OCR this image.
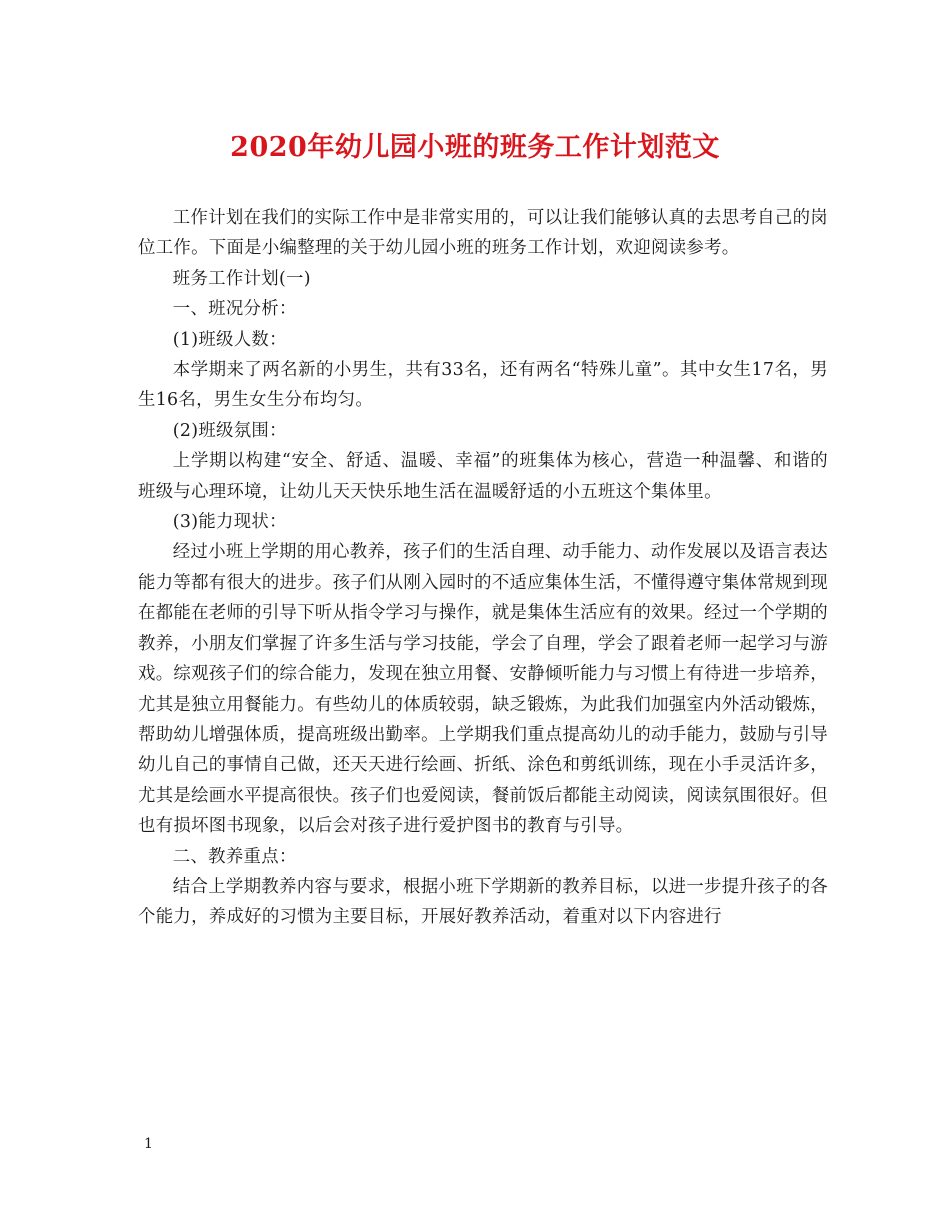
2020年幼儿园小班的班务工作计划范文

工作计划在我们的实际工作中是非常实用的，可以让我们能够认真的去思考自己的岗位工作。下面是小编整理的关于幼儿园小班的班务工作计划，欢迎阅读参考。

班务工作计划(一)

一、班况分析：

(1)班级人数：

本学期来了两名新的小男生，共有33名，还有两名“特殊儿童”。其中女生17名，男生16名，男生女生分布均匀。

(2)班级氛围：

上学期以构建“安全、舒适、温暖、幸福”的班集体为核心，营造一种温馨、和谐的班级与心理环境，让幼儿天天快乐地生活在温暖舒适的小五班这个集体里。

(3)能力现状：

经过小班上学期的用心教养，孩子们的生活自理、动手能力、动作发展以及语言表达能力等都有很大的进步。孩子们从刚入园时的不适应集体生活，不懂得遵守集体常规到现在都能在老师的引导下听从指令学习与操作，就是集体生活应有的效果。经过一个学期的教养，小朋友们掌握了许多生活与学习技能，学会了自理，学会了跟着老师一起学习与游戏。综观孩子们的综合能力，发现在独立用餐、安静倾听能力与习惯上有待进一步培养，尤其是独立用餐能力。有些幼儿的体质较弱，缺乏锻炼，为此我们加强室内外活动锻炼，帮助幼儿增强体质，提高班级出勤率。上学期我们重点提高幼儿的动手能力，鼓励与引导幼儿自己的事情自己做，还天天进行绘画、折纸、涂色和剪纸训练，现在小手灵活许多，尤其是绘画水平提高很快。孩子们也爱阅读，餐前饭后都能主动阅读，阅读氛围很好。但也有损坏图书现象，以后会对孩子进行爱护图书的教育与引导。

二、教养重点：

结合上学期教养内容与要求，根据小班下学期新的教养目标，以进一步提升孩子的各个能力，养成好的习惯为主要目标，开展好教养活动，着重对以下内容进行

1
